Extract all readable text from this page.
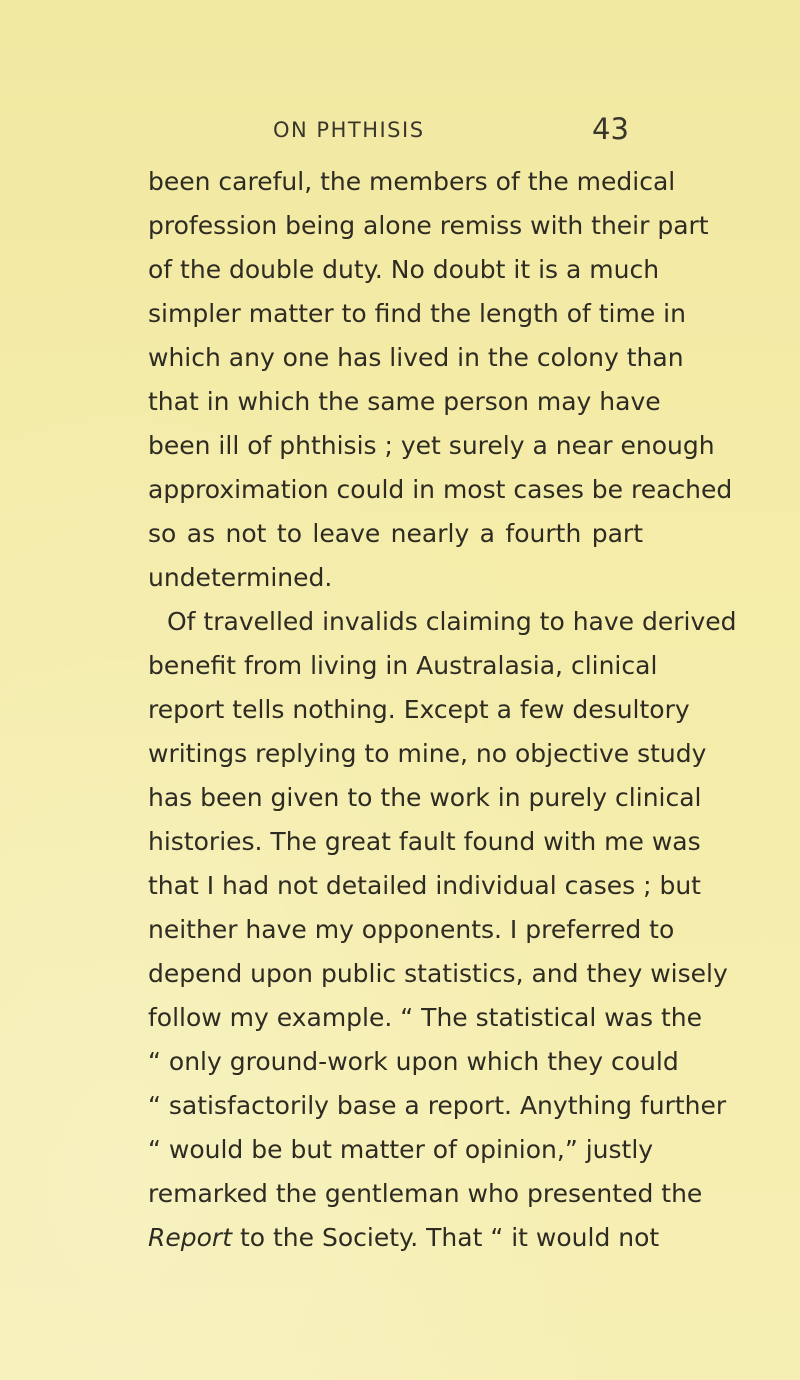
ON PHTHISIS	43
been careful, the members of the medical
profession being alone remiss with their part
of the double duty. No doubt it is a much
simpler matter to find the length of time in
which any one has lived in the colony than
that in which the same person may have
been ill of phthisis ; yet surely a near enough
approximation could in most cases be reached
so as not to leave nearly a fourth part
undetermined.
Of travelled invalids claiming to have derived
benefit from living in Australasia, clinical
report tells nothing. Except a few desultory
writings replying to mine, no objective study
has been given to the work in purely clinical
histories. The great fault found with me was
that I had not detailed individual cases ; but
neither have my opponents. I preferred to
depend upon public statistics, and they wisely
follow my example. “ The statistical was the
“ only ground-work upon which they could
“ satisfactorily base a report. Anything further
“ would be but matter of opinion,” justly
remarked the gentleman who presented the
Report to the Society. That “ it would not
